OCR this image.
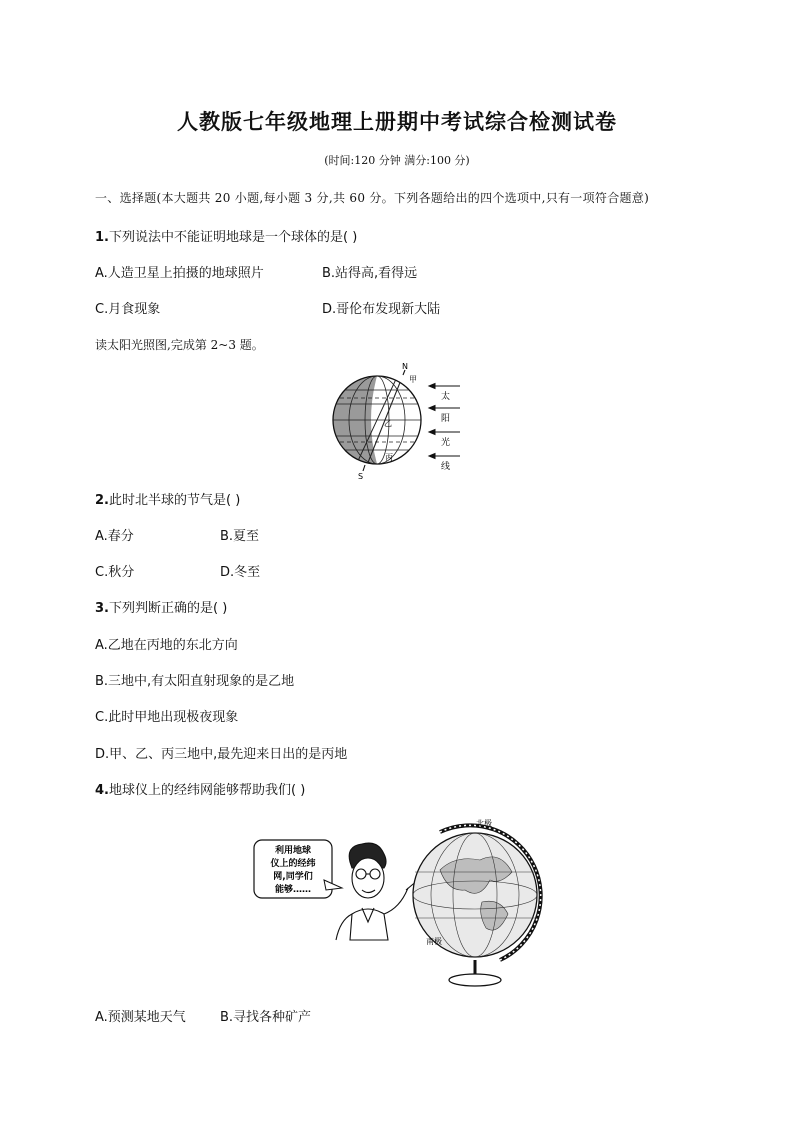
人教版七年级地理上册期中考试综合检测试卷
(时间:120 分钟 满分:100 分)
一、选择题(本大题共 20 小题,每小题 3 分,共 60 分。下列各题给出的四个选项中,只有一项符合题意)
1.下列说法中不能证明地球是一个球体的是( )
A.人造卫星上拍摄的地球照片	B.站得高,看得远
C.月食现象	D.哥伦布发现新大陆
读太阳光照图,完成第 2~3 题。
N
S
甲
乙
丙
太
阳
光
线
2.此时北半球的节气是( )
A.春分	B.夏至
C.秋分	D.冬至
3.下列判断正确的是( )
A.乙地在丙地的东北方向
B.三地中,有太阳直射现象的是乙地
C.此时甲地出现极夜现象
D.甲、乙、丙三地中,最先迎来日出的是丙地
4.地球仪上的经纬网能够帮助我们( )
利用地球
仪上的经纬
网,同学们
能够……
北极
南极
A.预测某地天气	B.寻找各种矿产
